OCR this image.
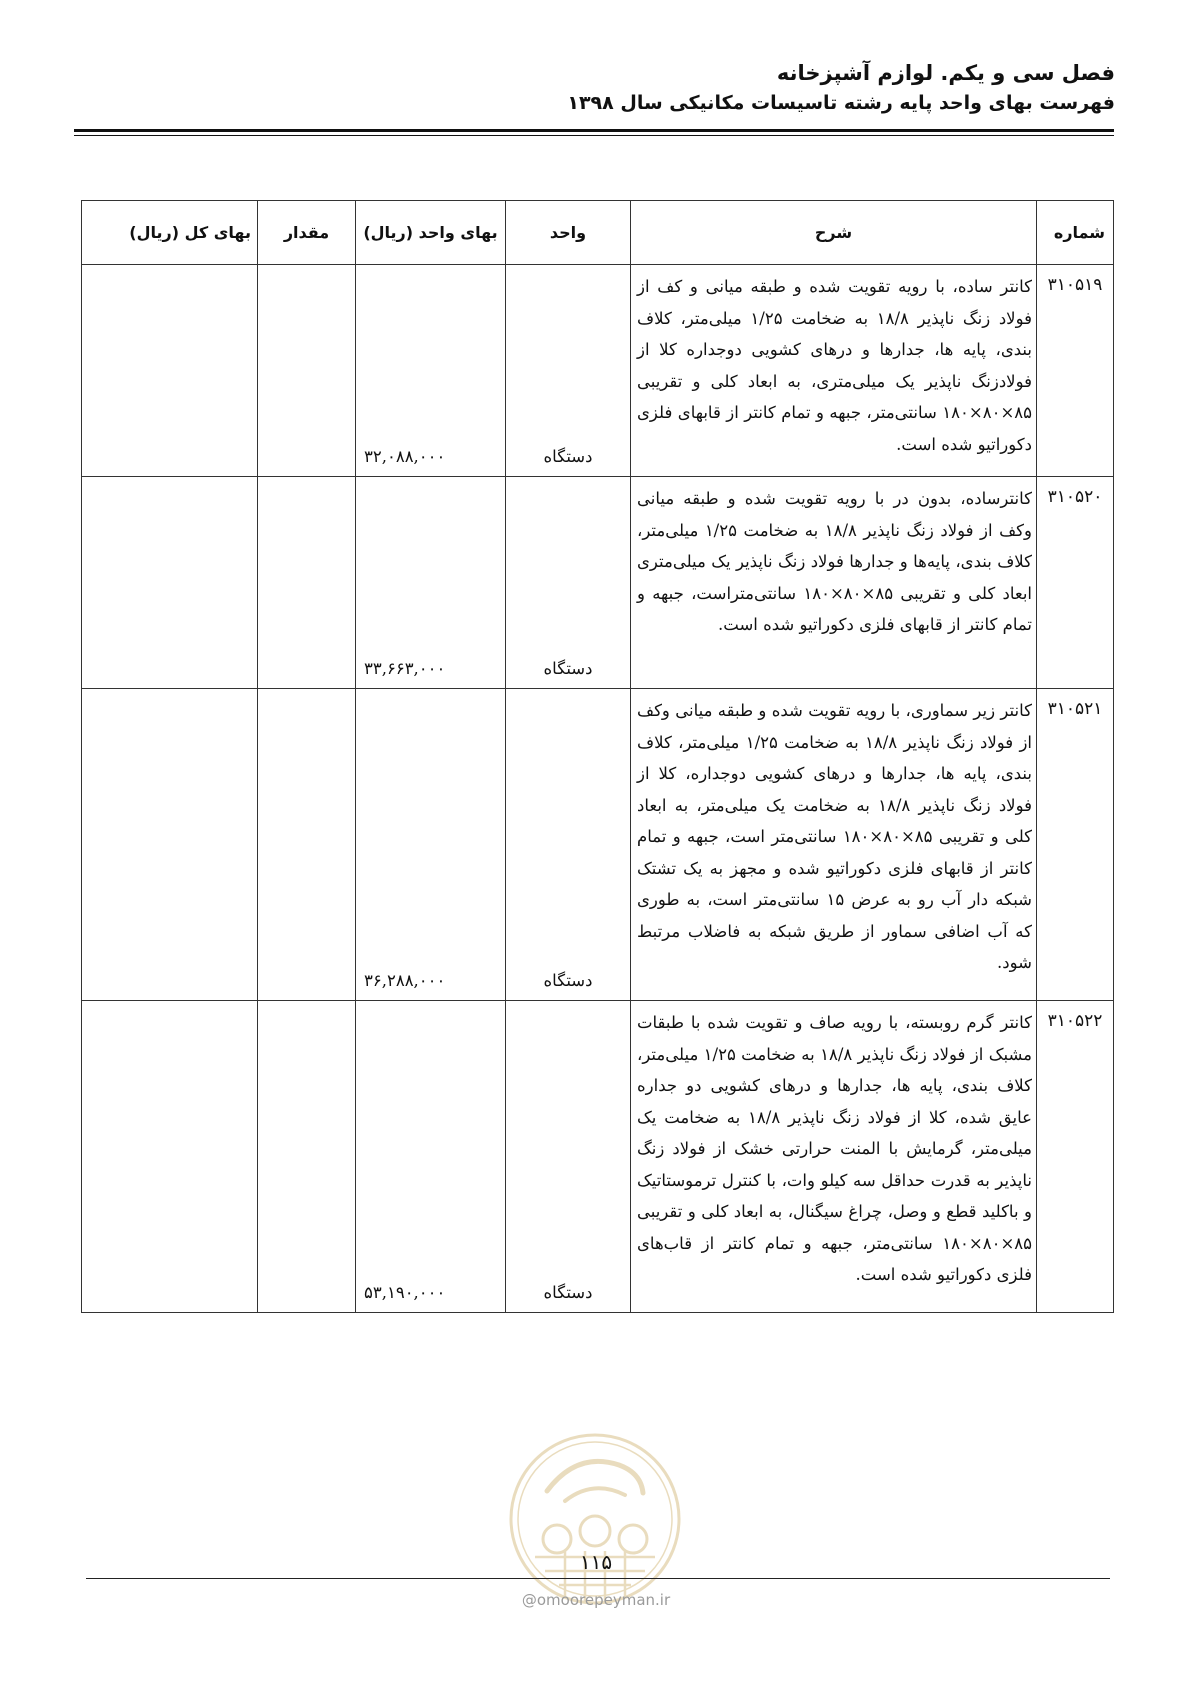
فصل سی و یکم. لوازم آشپزخانه
فهرست بهای واحد پایه رشته تاسیسات مکانیکی سال ۱۳۹۸
شماره	شرح	واحد	بهای واحد (ریال)	مقدار	بهای کل (ریال)
۳۱۰۵۱۹	کانتر ساده، با رویه تقویت شده و طبقه میانی و کف از فولاد زنگ ناپذیر ۱۸/۸ به ضخامت ۱/۲۵ میلی‌متر، کلاف بندی، پایه ها، جدارها و درهای کشویی دوجداره کلا از فولادزنگ ناپذیر یک میلی‌متری، به ابعاد کلی و تقریبی ۸۵×۸۰×۱۸۰ سانتی‌متر، جبهه و تمام کانتر از قابهای فلزی دکوراتیو شده است.	دستگاه	۳۲,۰۸۸,۰۰۰		
۳۱۰۵۲۰	کانترساده، بدون در با رویه تقویت شده و طبقه میانی وکف از فولاد زنگ ناپذیر ۱۸/۸ به ضخامت ۱/۲۵ میلی‌متر، کلاف بندی، پایه‌ها و جدارها فولاد زنگ ناپذیر یک میلی‌متری ابعاد کلی و تقریبی ۸۵×۸۰×۱۸۰ سانتی‌متراست، جبهه و تمام کانتر از قابهای فلزی دکوراتیو شده است.	دستگاه	۳۳,۶۶۳,۰۰۰		
۳۱۰۵۲۱	کانتر زیر سماوری، با رویه تقویت شده و طبقه میانی وکف از فولاد زنگ ناپذیر ۱۸/۸ به ضخامت ۱/۲۵ میلی‌متر، کلاف بندی، پایه ها، جدارها و درهای کشویی دوجداره، کلا از فولاد زنگ ناپذیر ۱۸/۸ به ضخامت یک میلی‌متر، به ابعاد کلی و تقریبی ۸۵×۸۰×۱۸۰ سانتی‌متر است، جبهه و تمام کانتر از قابهای فلزی دکوراتیو شده و مجهز به یک تشتک شبکه دار آب رو به عرض ۱۵ سانتی‌متر است، به طوری که آب اضافی سماور از طریق شبکه به فاضلاب مرتبط شود.	دستگاه	۳۶,۲۸۸,۰۰۰		
۳۱۰۵۲۲	کانتر گرم روبسته، با رویه صاف و تقویت شده با طبقات مشبک از فولاد زنگ ناپذیر ۱۸/۸ به ضخامت ۱/۲۵ میلی‌متر، کلاف بندی، پایه ها، جدارها و درهای کشویی دو جداره عایق شده، کلا از فولاد زنگ ناپذیر ۱۸/۸ به ضخامت یک میلی‌متر، گرمایش با المنت حرارتی خشک از فولاد زنگ ناپذیر به قدرت حداقل سه کیلو وات، با کنترل ترموستاتیک و باکلید قطع و وصل، چراغ سیگنال، به ابعاد کلی و تقریبی ۸۵×۸۰×۱۸۰ سانتی‌متر، جبهه و تمام کانتر از قاب‌های فلزی دکوراتیو شده است.	دستگاه	۵۳,۱۹۰,۰۰۰		
۱۱۵
@omoorepeyman.ir
